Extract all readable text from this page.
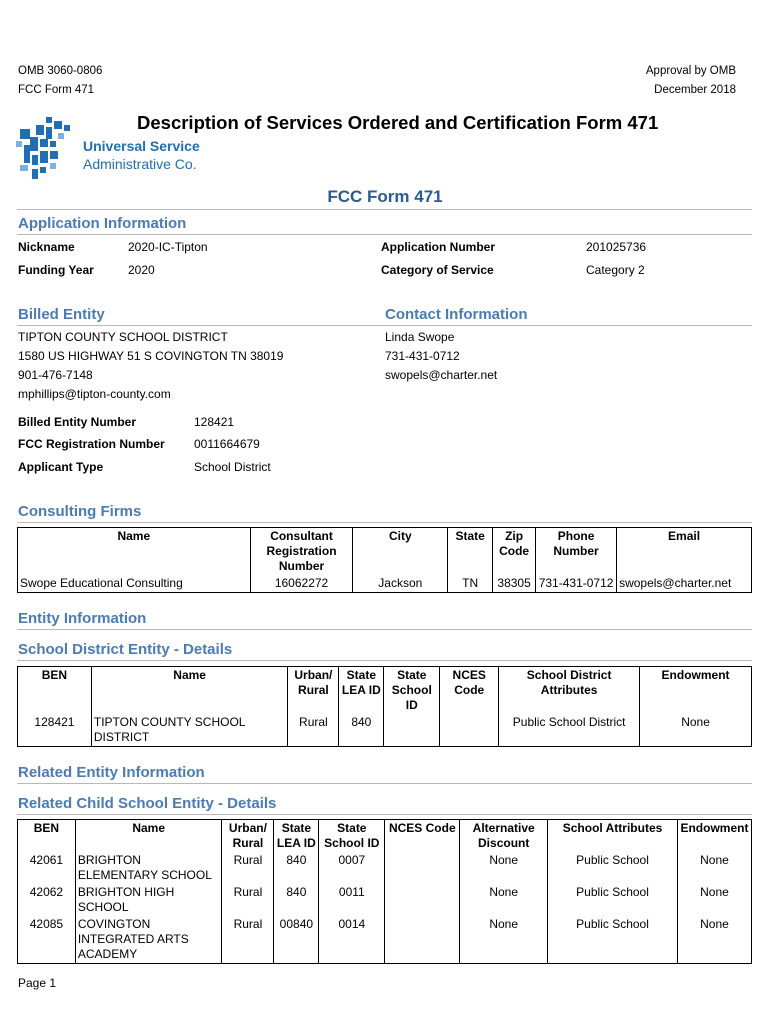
OMB 3060-0806
FCC Form 471
Approval by OMB
December 2018
Universal Service
Administrative Co.
Description of Services Ordered and Certification Form 471
FCC Form 471
Application Information
Nickname	2020-IC-Tipton	Application Number	201025736
Funding Year	2020	Category of Service	Category 2
Billed Entity	Contact Information
TIPTON COUNTY SCHOOL DISTRICT
1580 US HIGHWAY 51 S COVINGTON TN 38019
901-476-7148
mphillips@tipton-county.com
Linda Swope
731-431-0712
swopels@charter.net
Billed Entity Number	128421
FCC Registration Number 0011664679
Applicant Type	School District
Consulting Firms
Name	Consultant
Registration
Number	City	State	Zip
Code	Phone
Number	Email
Swope Educational Consulting	16062272	Jackson	TN	38305	731-431-0712	swopels@charter.net
Entity Information
School District Entity - Details
BEN	Name	Urban/
Rural	State
LEA ID	State
School
ID	NCES
Code	School District
Attributes	Endowment
128421	TIPTON COUNTY SCHOOL
DISTRICT	Rural	840			Public School District	None
Related Entity Information
Related Child School Entity - Details
BEN	Name	Urban/
Rural	State
LEA ID	State
School ID	NCES Code	Alternative
Discount	School Attributes	Endowment
42061	BRIGHTON
ELEMENTARY SCHOOL	Rural	840	0007		None	Public School	None
42062	BRIGHTON HIGH
SCHOOL	Rural	840	0011		None	Public School	None
42085	COVINGTON
INTEGRATED ARTS
ACADEMY	Rural	00840	0014		None	Public School	None
Page 1
